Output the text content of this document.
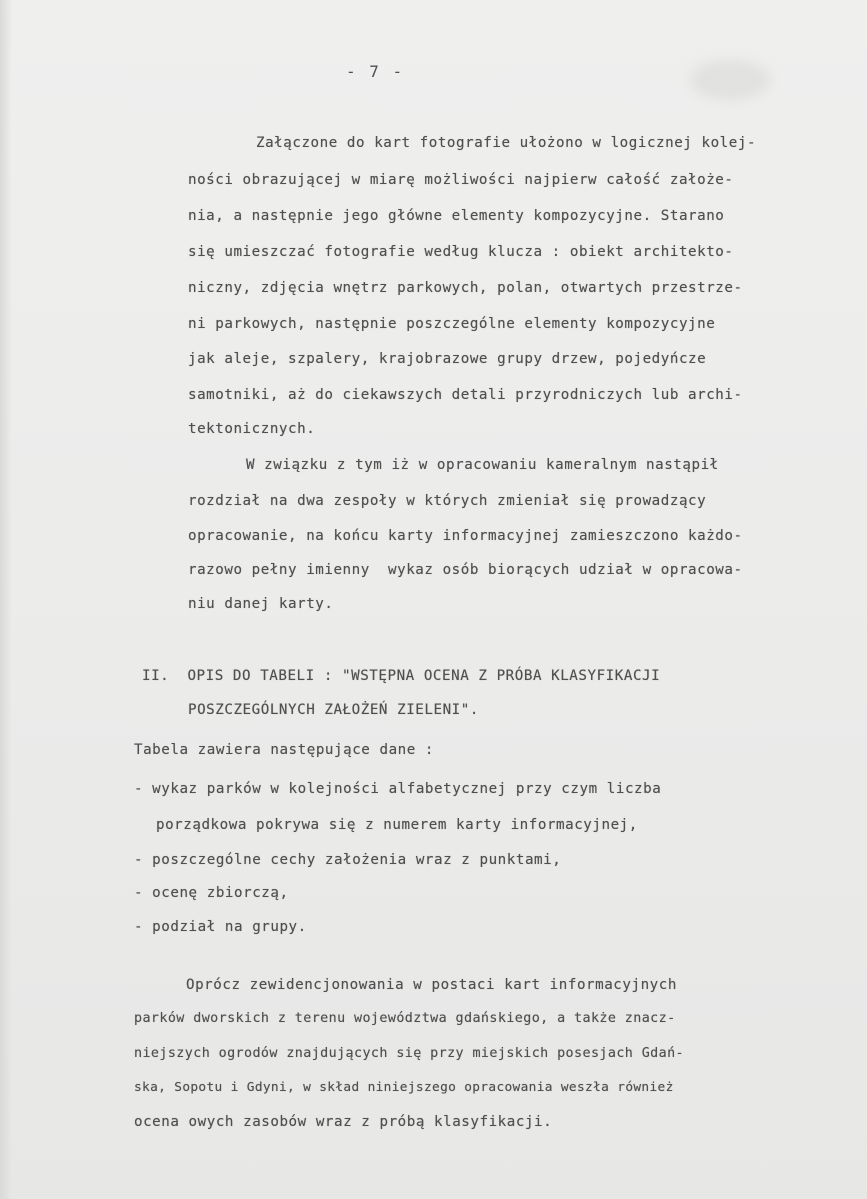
- 7 -
Załączone do kart fotografie ułożono w logicznej kolej-
ności obrazującej w miarę możliwości najpierw całość założe-
nia, a następnie jego główne elementy kompozycyjne. Starano
się umieszczać fotografie według klucza : obiekt architekto-
niczny, zdjęcia wnętrz parkowych, polan, otwartych przestrze-
ni parkowych, następnie poszczególne elementy kompozycyjne
jak aleje, szpalery, krajobrazowe grupy drzew, pojedyńcze
samotniki, aż do ciekawszych detali przyrodniczych lub archi-
tektonicznych.
W związku z tym iż w opracowaniu kameralnym nastąpił
rozdział na dwa zespoły w których zmieniał się prowadzący
opracowanie, na końcu karty informacyjnej zamieszczono każdo-
razowo pełny imienny  wykaz osób biorących udział w opracowa-
niu danej karty.
II.  OPIS DO TABELI : "WSTĘPNA OCENA Z PRÓBA KLASYFIKACJI
POSZCZEGÓLNYCH ZAŁOŻEŃ ZIELENI".
Tabela zawiera następujące dane :
- wykaz parków w kolejności alfabetycznej przy czym liczba
porządkowa pokrywa się z numerem karty informacyjnej,
- poszczególne cechy założenia wraz z punktami,
- ocenę zbiorczą,
- podział na grupy.
Oprócz zewidencjonowania w postaci kart informacyjnych
parków dworskich z terenu województwa gdańskiego, a także znacz-
niejszych ogrodów znajdujących się przy miejskich posesjach Gdań-
ska, Sopotu i Gdyni, w skład niniejszego opracowania weszła również
ocena owych zasobów wraz z próbą klasyfikacji.
